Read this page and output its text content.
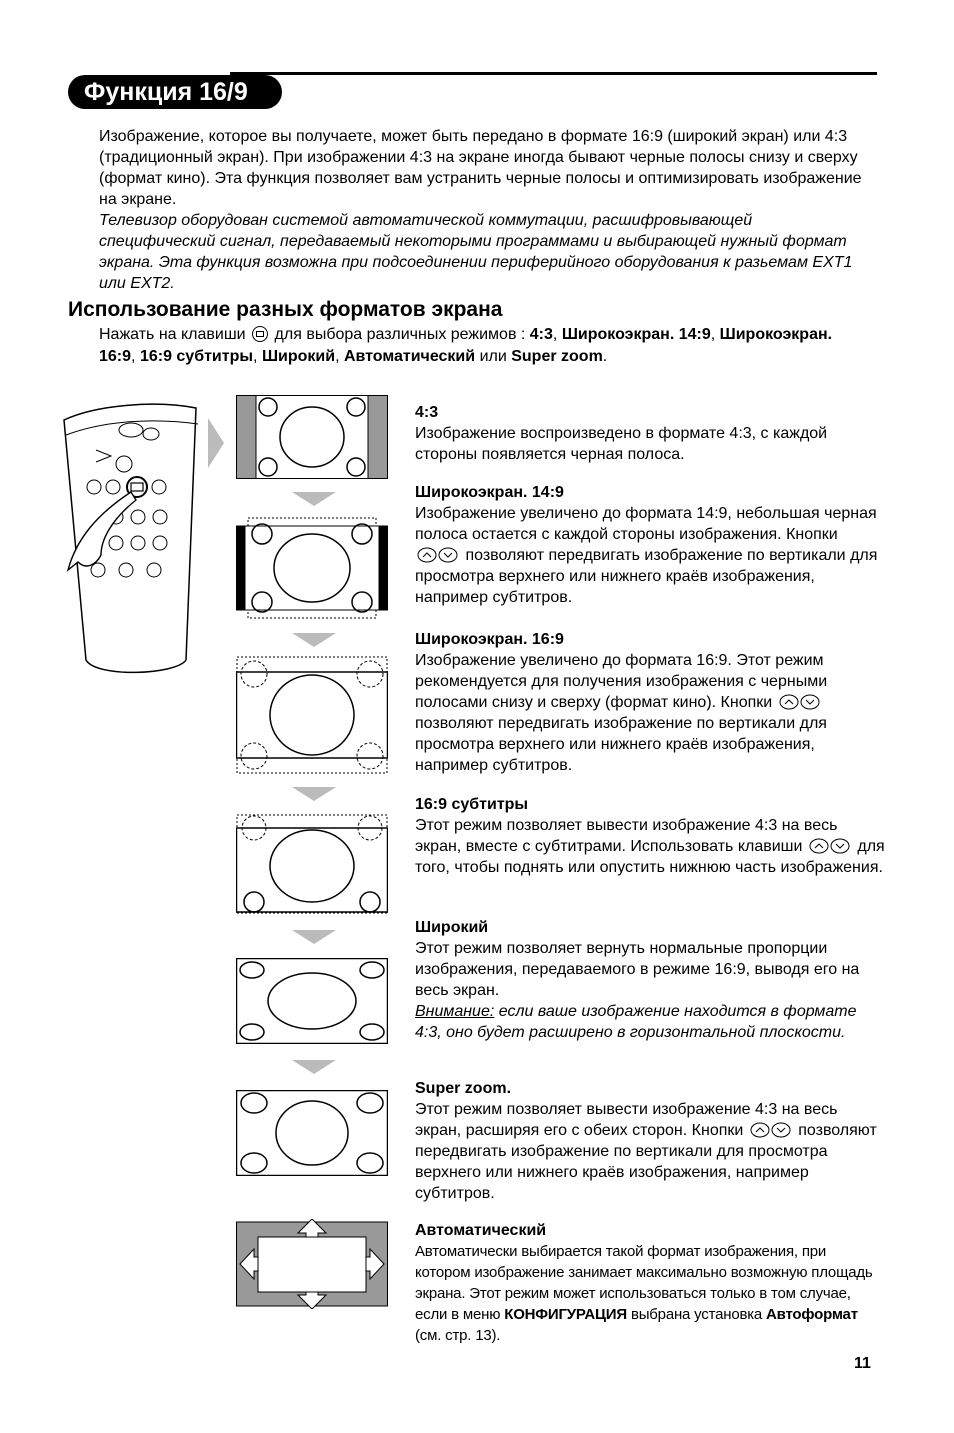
Функция 16/9

Изображение, которое вы получаете, может быть передано в формате 16:9 (широкий экран) или 4:3 (традиционный экран). При изображении 4:3 на экране иногда бывают черные полосы снизу и сверху (формат кино). Эта функция позволяет вам устранить черные полосы и оптимизировать изображение на экране.

Телевизор оборудован системой автоматической коммутации, расшифровывающей специфический сигнал, передаваемый некоторыми программами и выбирающей нужный формат экрана. Эта функция возможна при подсоединении периферийного оборудования к разьемам EXT1 или EXT2.

Использование разных форматов экрана
Нажать на клавиши для выбора различных режимов : 4:3, Широкоэкран. 14:9, Широкоэкран. 16:9, 16:9 субтитры, Широкий, Автоматический или Super zoom.
4:3
Изображение воспроизведено в формате 4:3, с каждой стороны появляется черная полоса.
Широкоэкран. 14:9
Изображение увеличено до формата 14:9, небольшая черная полоса остается с каждой стороны изображения. Кнопки  позволяют передвигать изображение по вертикали для просмотра верхнего или нижнего краёв изображения, например субтитров.
Широкоэкран. 16:9
Изображение увеличено до формата 16:9. Этот режим рекомендуется для получения изображения с черными полосами снизу и сверху (формат кино). Кнопки  позволяют передвигать изображение по вертикали для просмотра верхнего или нижнего краёв изображения, например субтитров.
16:9 субтитры
Этот режим позволяет вывести изображение 4:3 на весь экран, вместе с субтитрами. Использовать клавиши	для того, чтобы поднять или опустить нижнюю часть изображения.
Широкий
Этот режим позволяет вернуть нормальные пропорции изображения, передаваемого в режиме 16:9, выводя его на весь экран.
Внимание: если ваше изображение находится в формате 4:3, оно будет расширено в горизонтальной плоскости.
Super zoom.
Этот режим позволяет вывести изображение 4:3 на весь экран, расширяя его с обеих сторон. Кнопки	позволяют передвигать изображение по вертикали для просмотра верхнего или нижнего краёв изображения, например субтитров.
Автоматический
Автоматически выбирается такой формат изображения, при котором изображение занимает максимально возможную площадь экрана. Этот режим может использоваться только в том случае, если в меню КОНФИГУРАЦИЯ выбрана установка Автоформат (см. стр. 13).
11
